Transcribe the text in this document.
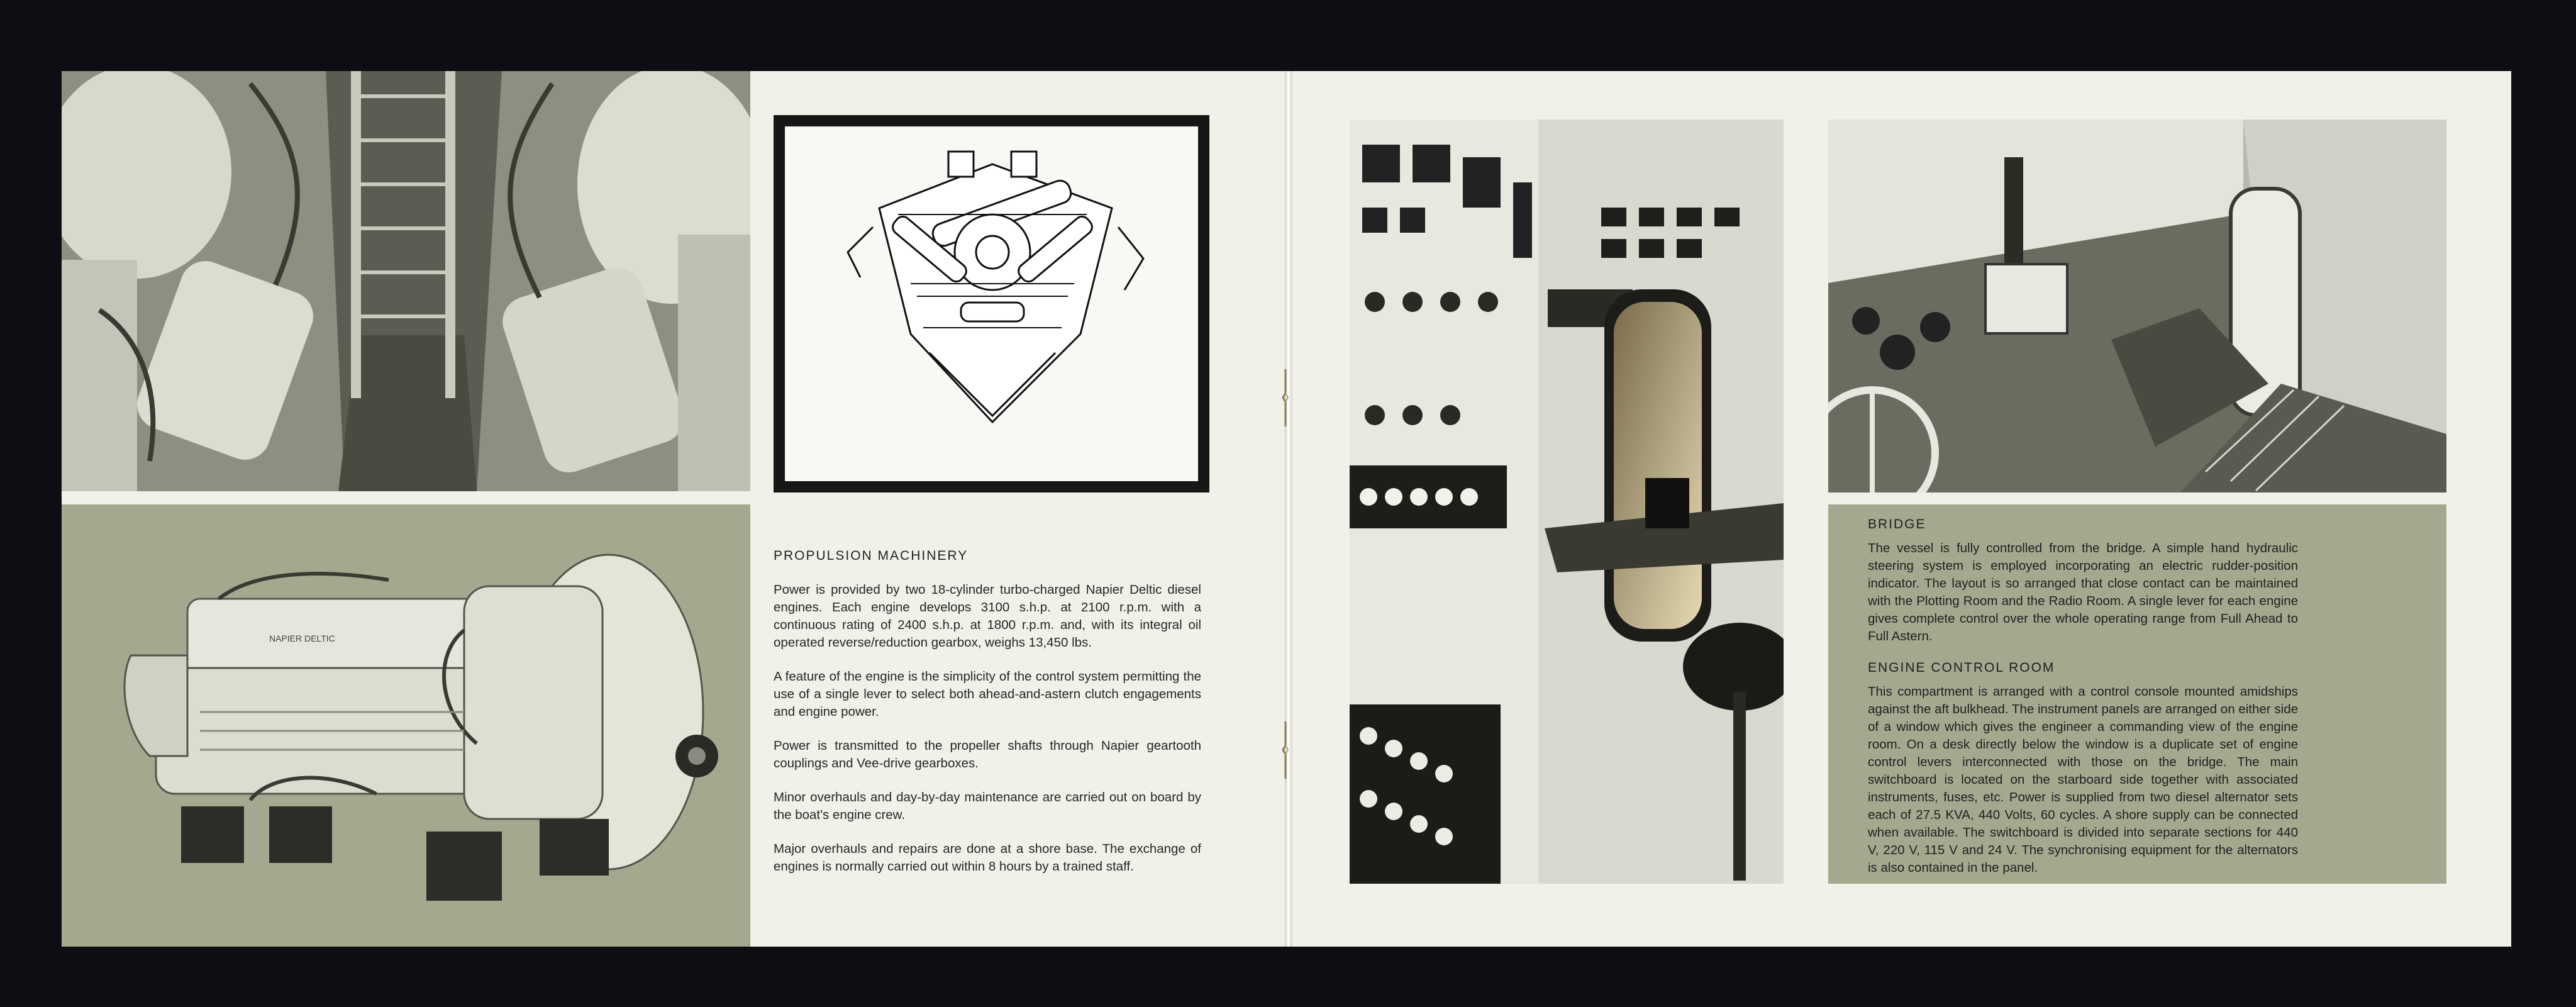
NAPIER DELTIC
PROPULSION MACHINERY

Power is provided by two 18-cylinder turbo-charged Napier Deltic diesel engines. Each engine develops 3100 s.h.p. at 2100 r.p.m. with a continuous rating of 2400 s.h.p. at 1800 r.p.m. and, with its integral oil operated reverse/reduction gearbox, weighs 13,450 lbs.

A feature of the engine is the simplicity of the control system permitting the use of a single lever to select both ahead-and-astern clutch engagements and engine power.

Power is transmitted to the propeller shafts through Napier geartooth couplings and Vee-drive gearboxes.

Minor overhauls and day-by-day maintenance are carried out on board by the boat's engine crew.

Major overhauls and repairs are done at a shore base. The exchange of engines is normally carried out within 8 hours by a trained staff.

BRIDGE

The vessel is fully controlled from the bridge. A simple hand hydraulic steering system is employed incorporating an electric rudder-position indicator. The layout is so arranged that close contact can be maintained with the Plotting Room and the Radio Room. A single lever for each engine gives complete control over the whole operating range from Full Ahead to Full Astern.

ENGINE CONTROL ROOM

This compartment is arranged with a control console mounted amidships against the aft bulkhead. The instrument panels are arranged on either side of a window which gives the engineer a commanding view of the engine room. On a desk directly below the window is a duplicate set of engine control levers interconnected with those on the bridge. The main switchboard is located on the starboard side together with associated instruments, fuses, etc. Power is supplied from two diesel alternator sets each of 27.5 KVA, 440 Volts, 60 cycles. A shore supply can be connected when available. The switchboard is divided into separate sections for 440 V, 220 V, 115 V and 24 V. The synchronising equipment for the alternators is also contained in the panel.
